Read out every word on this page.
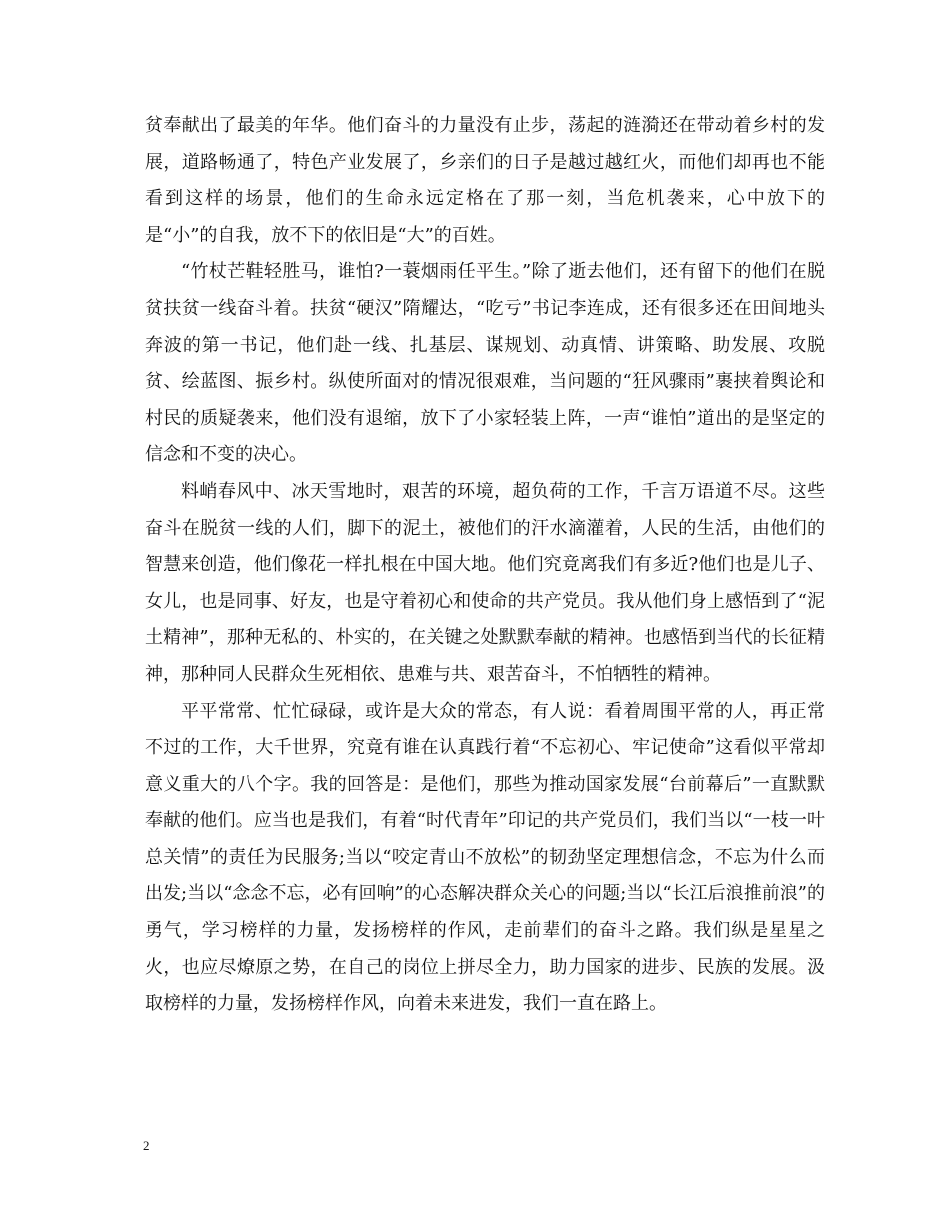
贫奉献出了最美的年华。他们奋斗的力量没有止步，荡起的涟漪还在带动着乡村的发展，道路畅通了，特色产业发展了，乡亲们的日子是越过越红火，而他们却再也不能看到这样的场景，他们的生命永远定格在了那一刻，当危机袭来，心中放下的是“小”的自我，放不下的依旧是“大”的百姓。

“竹杖芒鞋轻胜马，谁怕?一蓑烟雨任平生。”除了逝去他们，还有留下的他们在脱贫扶贫一线奋斗着。扶贫“硬汉”隋耀达，“吃亏”书记李连成，还有很多还在田间地头奔波的第一书记，他们赴一线、扎基层、谋规划、动真情、讲策略、助发展、攻脱贫、绘蓝图、振乡村。纵使所面对的情况很艰难，当问题的“狂风骤雨”裹挟着舆论和村民的质疑袭来，他们没有退缩，放下了小家轻装上阵，一声“谁怕”道出的是坚定的信念和不变的决心。

料峭春风中、冰天雪地时，艰苦的环境，超负荷的工作，千言万语道不尽。这些奋斗在脱贫一线的人们，脚下的泥土，被他们的汗水滴灌着，人民的生活，由他们的智慧来创造，他们像花一样扎根在中国大地。他们究竟离我们有多近?他们也是儿子、女儿，也是同事、好友，也是守着初心和使命的共产党员。我从他们身上感悟到了“泥土精神”，那种无私的、朴实的，在关键之处默默奉献的精神。也感悟到当代的长征精神，那种同人民群众生死相依、患难与共、艰苦奋斗，不怕牺牲的精神。

平平常常、忙忙碌碌，或许是大众的常态，有人说：看着周围平常的人，再正常不过的工作，大千世界，究竟有谁在认真践行着“不忘初心、牢记使命”这看似平常却意义重大的八个字。我的回答是：是他们，那些为推动国家发展“台前幕后”一直默默奉献的他们。应当也是我们，有着“时代青年”印记的共产党员们，我们当以“一枝一叶总关情”的责任为民服务;当以“咬定青山不放松”的韧劲坚定理想信念，不忘为什么而出发;当以“念念不忘，必有回响”的心态解决群众关心的问题;当以“长江后浪推前浪”的勇气，学习榜样的力量，发扬榜样的作风，走前辈们的奋斗之路。我们纵是星星之火，也应尽燎原之势，在自己的岗位上拼尽全力，助力国家的进步、民族的发展。汲取榜样的力量，发扬榜样作风，向着未来进发，我们一直在路上。

2
